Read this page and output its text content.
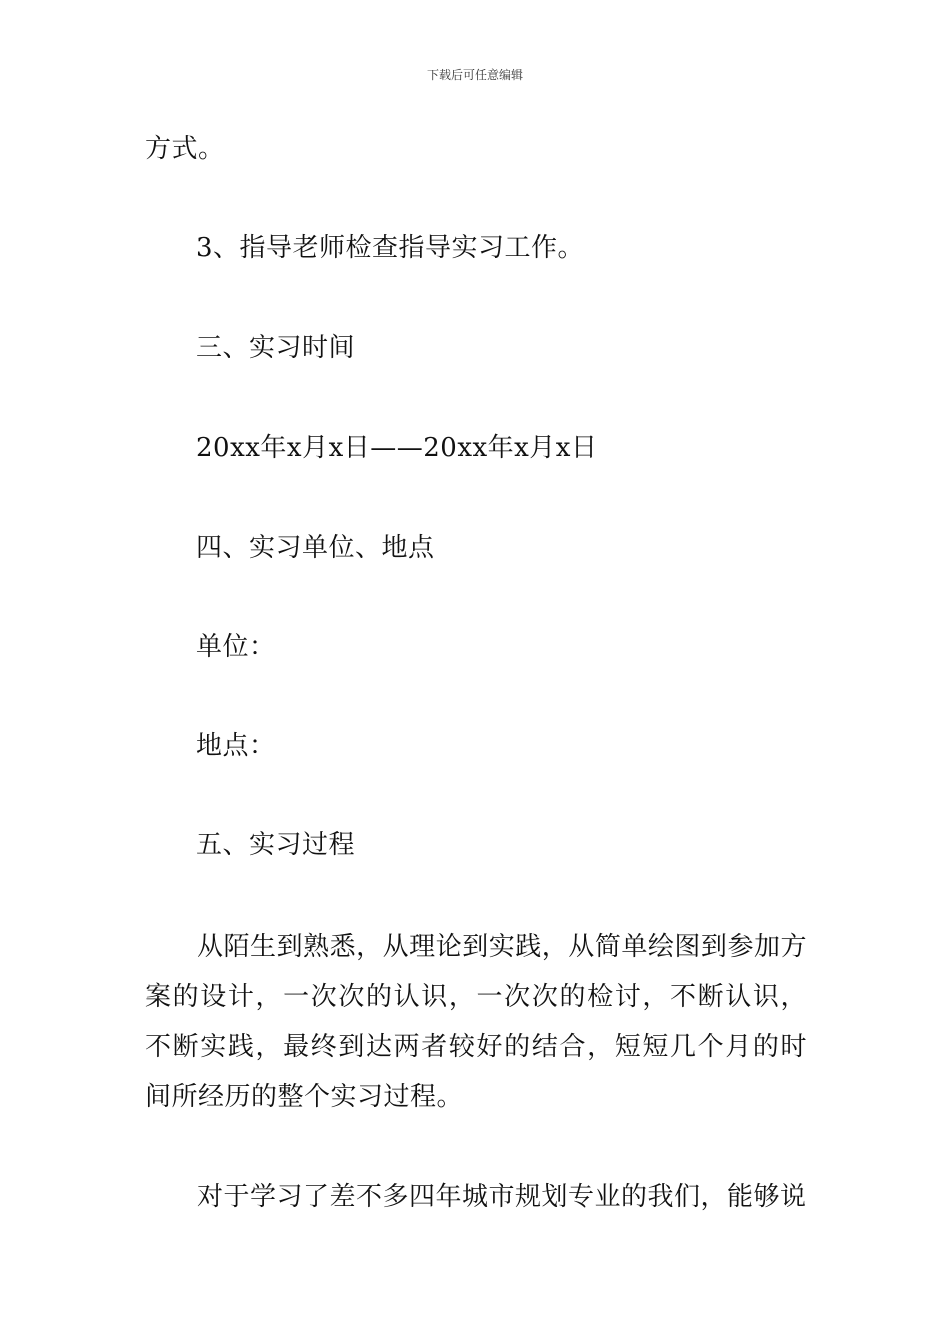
下载后可任意编辑
方式。
3、指导老师检查指导实习工作。
三、实习时间
20xx年x月x日——20xx年x月x日
四、实习单位、地点
单位：
地点：
五、实习过程
从陌生到熟悉，从理论到实践，从简单绘图到参加方案的设计，一次次的认识，一次次的检讨，不断认识，不断实践，最终到达两者较好的结合，短短几个月的时间所经历的整个实习过程。
对于学习了差不多四年城市规划专业的我们，能够说
